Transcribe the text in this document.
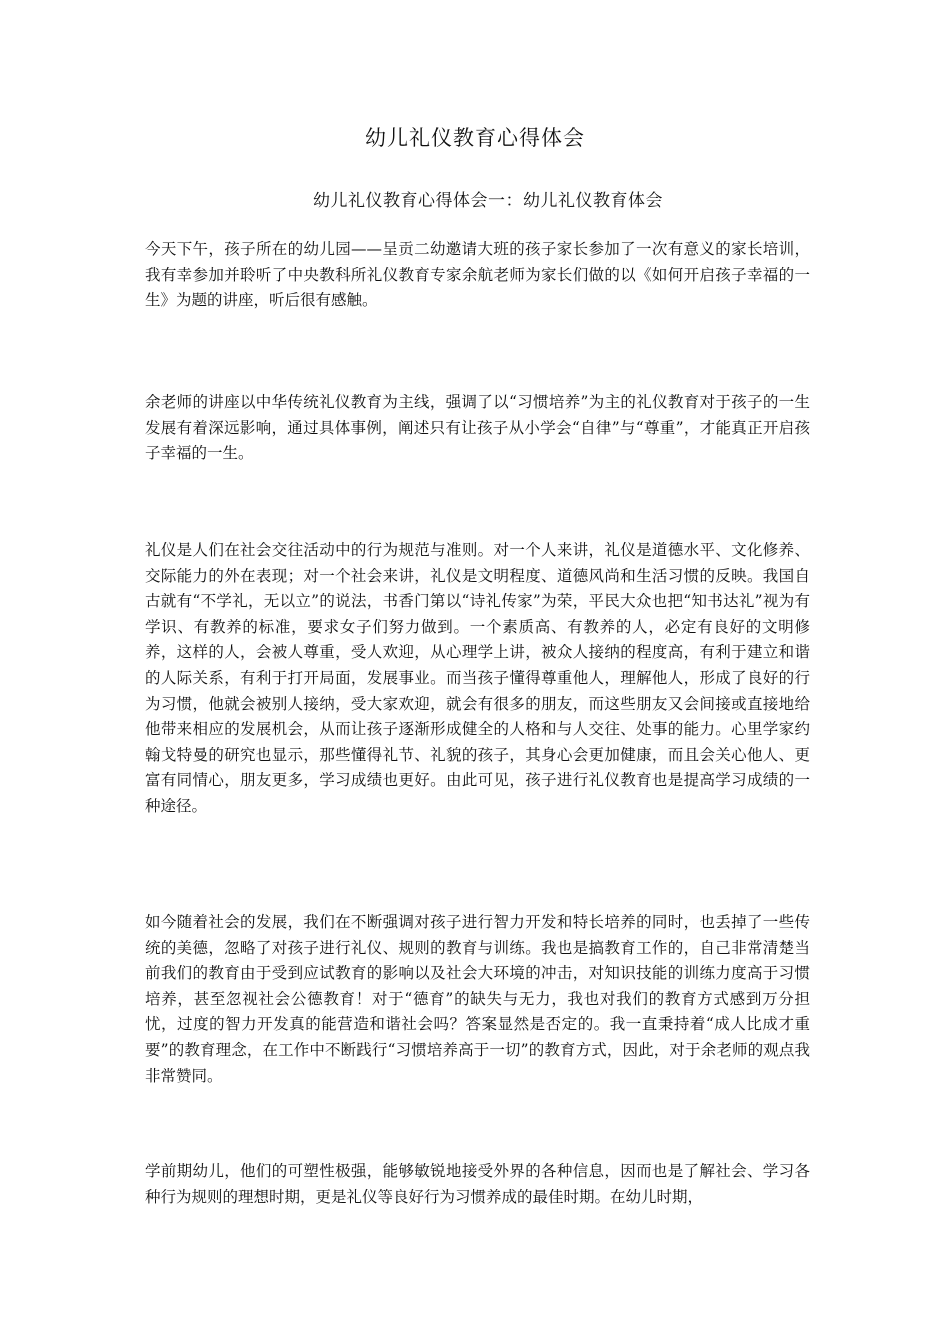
幼儿礼仪教育心得体会
幼儿礼仪教育心得体会一：幼儿礼仪教育体会

今天下午，孩子所在的幼儿园——呈贡二幼邀请大班的孩子家长参加了一次有意义的家长培训，我有幸参加并聆听了中央教科所礼仪教育专家余航老师为家长们做的以《如何开启孩子幸福的一生》为题的讲座，听后很有感触。

余老师的讲座以中华传统礼仪教育为主线，强调了以“习惯培养”为主的礼仪教育对于孩子的一生发展有着深远影响，通过具体事例，阐述只有让孩子从小学会“自律”与“尊重”，才能真正开启孩子幸福的一生。

礼仪是人们在社会交往活动中的行为规范与准则。对一个人来讲，礼仪是道德水平、文化修养、交际能力的外在表现；对一个社会来讲，礼仪是文明程度、道德风尚和生活习惯的反映。我国自古就有“不学礼，无以立”的说法，书香门第以“诗礼传家”为荣，平民大众也把“知书达礼”视为有学识、有教养的标准，要求女子们努力做到。一个素质高、有教养的人，必定有良好的文明修养，这样的人，会被人尊重，受人欢迎，从心理学上讲，被众人接纳的程度高，有利于建立和谐的人际关系，有利于打开局面，发展事业。而当孩子懂得尊重他人，理解他人，形成了良好的行为习惯，他就会被别人接纳，受大家欢迎，就会有很多的朋友，而这些朋友又会间接或直接地给他带来相应的发展机会，从而让孩子逐渐形成健全的人格和与人交往、处事的能力。心里学家约翰戈特曼的研究也显示，那些懂得礼节、礼貌的孩子，其身心会更加健康，而且会关心他人、更富有同情心，朋友更多，学习成绩也更好。由此可见，孩子进行礼仪教育也是提高学习成绩的一种途径。

如今随着社会的发展，我们在不断强调对孩子进行智力开发和特长培养的同时，也丢掉了一些传统的美德，忽略了对孩子进行礼仪、规则的教育与训练。我也是搞教育工作的，自己非常清楚当前我们的教育由于受到应试教育的影响以及社会大环境的冲击，对知识技能的训练力度高于习惯培养，甚至忽视社会公德教育！对于“德育”的缺失与无力，我也对我们的教育方式感到万分担忧，过度的智力开发真的能营造和谐社会吗？答案显然是否定的。我一直秉持着“成人比成才重要”的教育理念，在工作中不断践行“习惯培养高于一切”的教育方式，因此，对于余老师的观点我非常赞同。

学前期幼儿，他们的可塑性极强，能够敏锐地接受外界的各种信息，因而也是了解社会、学习各种行为规则的理想时期，更是礼仪等良好行为习惯养成的最佳时期。在幼儿时期，
